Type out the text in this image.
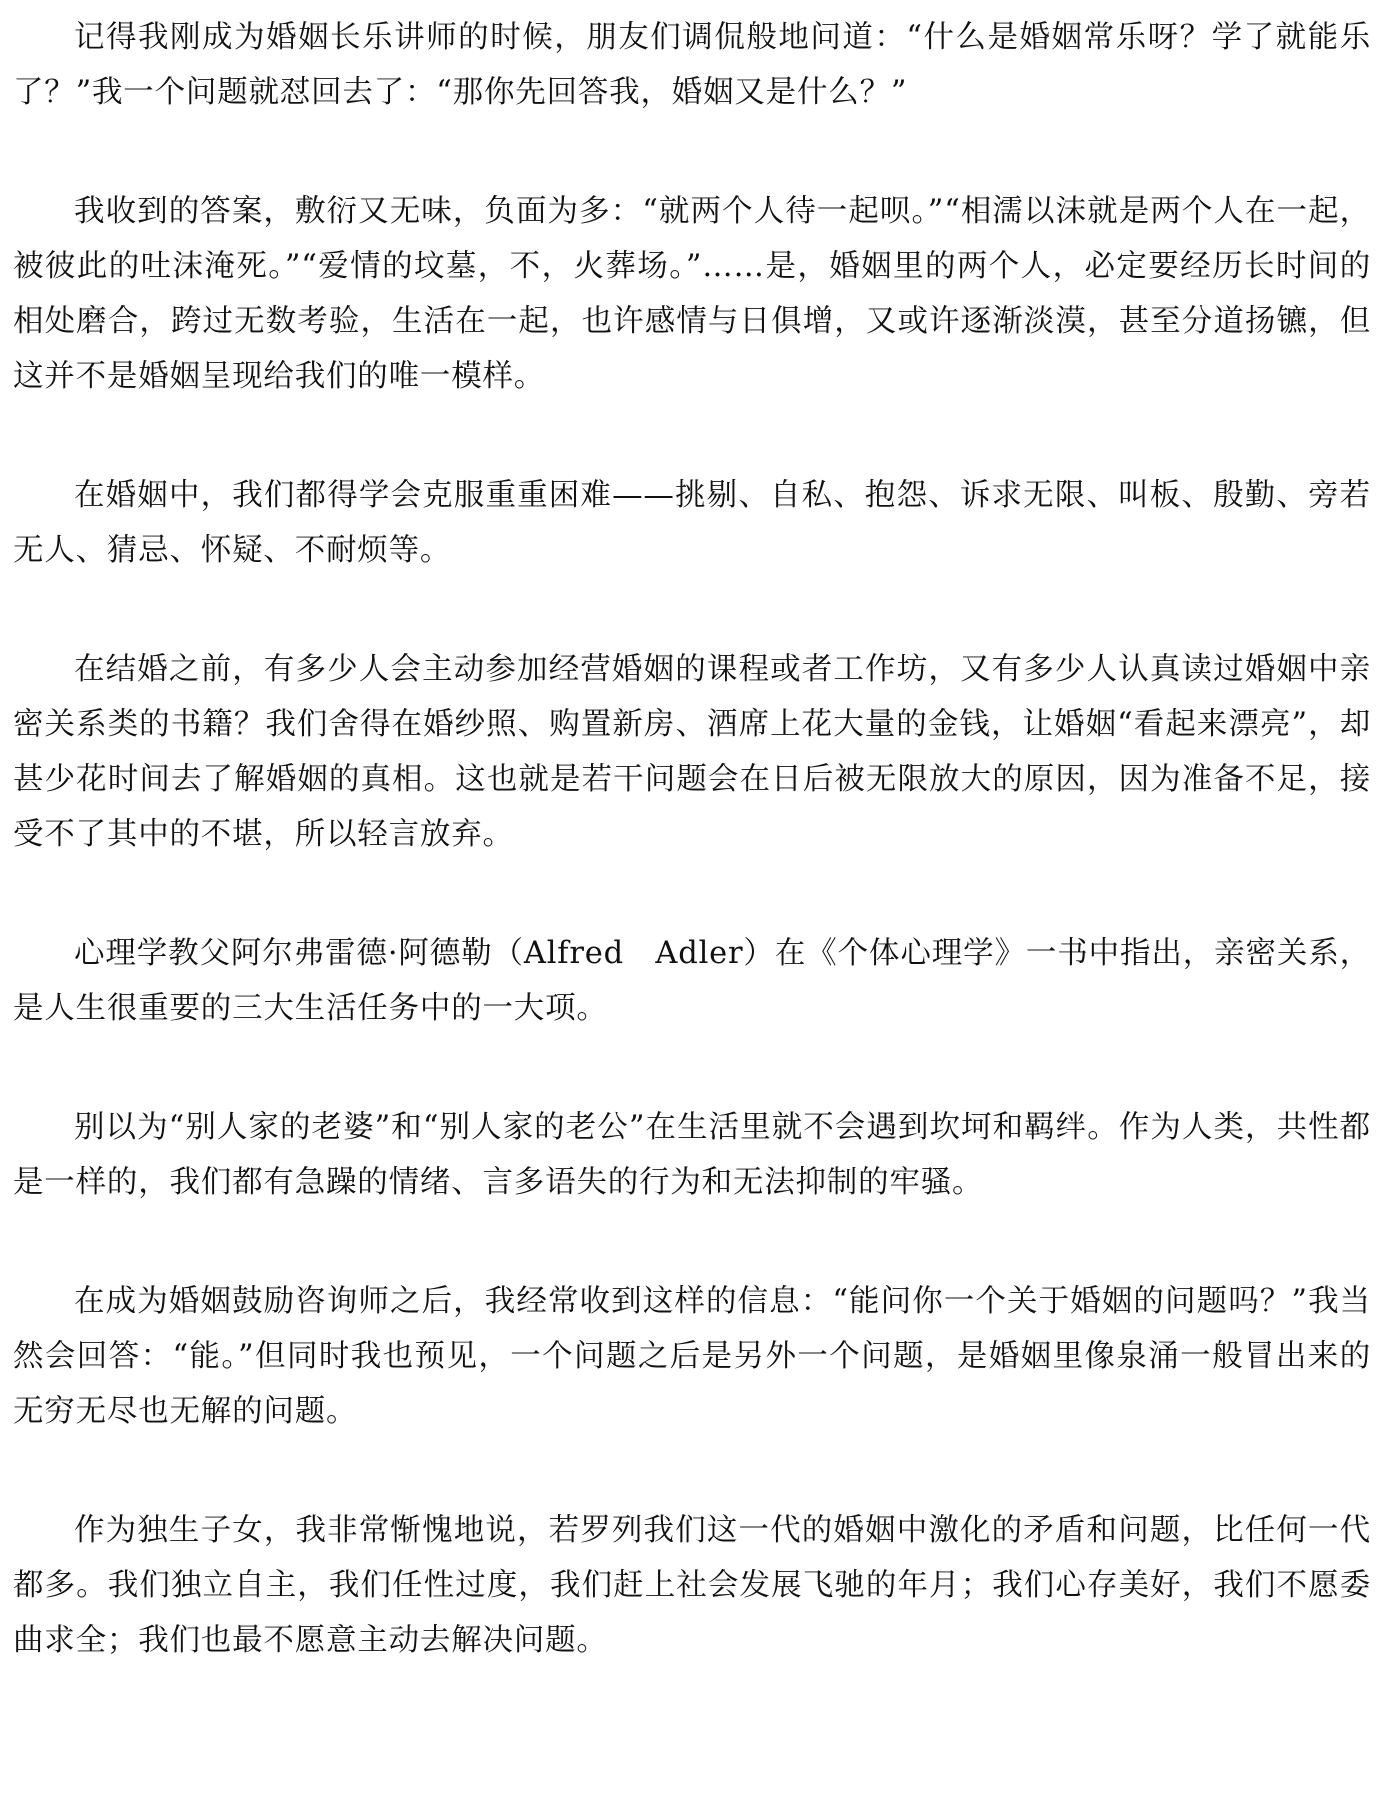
记得我刚成为婚姻长乐讲师的时候，朋友们调侃般地问道：“什么是婚姻常乐呀？学了就能乐了？”我一个问题就怼回去了：“那你先回答我，婚姻又是什么？”

我收到的答案，敷衍又无味，负面为多：“就两个人待一起呗。”“相濡以沫就是两个人在一起，被彼此的吐沫淹死。”“爱情的坟墓，不，火葬场。”……是，婚姻里的两个人，必定要经历长时间的相处磨合，跨过无数考验，生活在一起，也许感情与日俱增，又或许逐渐淡漠，甚至分道扬镳，但这并不是婚姻呈现给我们的唯一模样。

在婚姻中，我们都得学会克服重重困难——挑剔、自私、抱怨、诉求无限、叫板、殷勤、旁若无人、猜忌、怀疑、不耐烦等。

在结婚之前，有多少人会主动参加经营婚姻的课程或者工作坊，又有多少人认真读过婚姻中亲密关系类的书籍？我们舍得在婚纱照、购置新房、酒席上花大量的金钱，让婚姻“看起来漂亮”，却甚少花时间去了解婚姻的真相。这也就是若干问题会在日后被无限放大的原因，因为准备不足，接受不了其中的不堪，所以轻言放弃。

心理学教父阿尔弗雷德·阿德勒（Alfred　Adler）在《个体心理学》一书中指出，亲密关系，是人生很重要的三大生活任务中的一大项。

别以为“别人家的老婆”和“别人家的老公”在生活里就不会遇到坎坷和羁绊。作为人类，共性都是一样的，我们都有急躁的情绪、言多语失的行为和无法抑制的牢骚。

在成为婚姻鼓励咨询师之后，我经常收到这样的信息：“能问你一个关于婚姻的问题吗？”我当然会回答：“能。”但同时我也预见，一个问题之后是另外一个问题，是婚姻里像泉涌一般冒出来的无穷无尽也无解的问题。

作为独生子女，我非常惭愧地说，若罗列我们这一代的婚姻中激化的矛盾和问题，比任何一代都多。我们独立自主，我们任性过度，我们赶上社会发展飞驰的年月；我们心存美好，我们不愿委曲求全；我们也最不愿意主动去解决问题。
